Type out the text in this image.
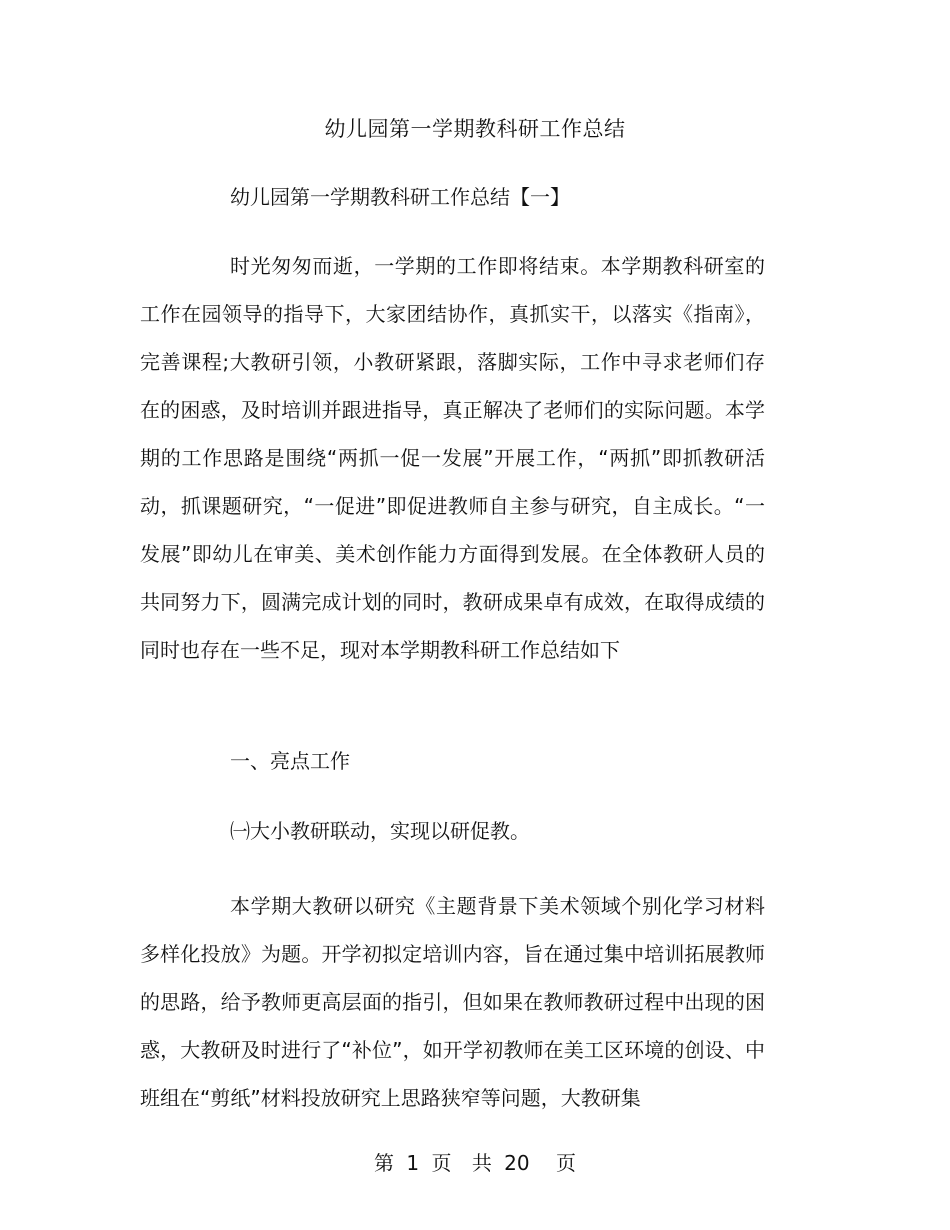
幼儿园第一学期教科研工作总结
幼儿园第一学期教科研工作总结【一】

时光匆匆而逝，一学期的工作即将结束。本学期教科研室的工作在园领导的指导下，大家团结协作，真抓实干，以落实《指南》，完善课程;大教研引领，小教研紧跟，落脚实际，工作中寻求老师们存在的困惑，及时培训并跟进指导，真正解决了老师们的实际问题。本学期的工作思路是围绕“两抓一促一发展”开展工作，“两抓”即抓教研活动，抓课题研究，“一促进”即促进教师自主参与研究，自主成长。“一发展”即幼儿在审美、美术创作能力方面得到发展。在全体教研人员的共同努力下，圆满完成计划的同时，教研成果卓有成效，在取得成绩的同时也存在一些不足，现对本学期教科研工作总结如下

一、亮点工作
㈠大小教研联动，实现以研促教。

本学期大教研以研究《主题背景下美术领域个别化学习材料多样化投放》为题。开学初拟定培训内容，旨在通过集中培训拓展教师的思路，给予教师更高层面的指引，但如果在教师教研过程中出现的困惑，大教研及时进行了“补位”，如开学初教师在美工区环境的创设、中班组在“剪纸”材料投放研究上思路狭窄等问题，大教研集

第 1 页 共 20 页
